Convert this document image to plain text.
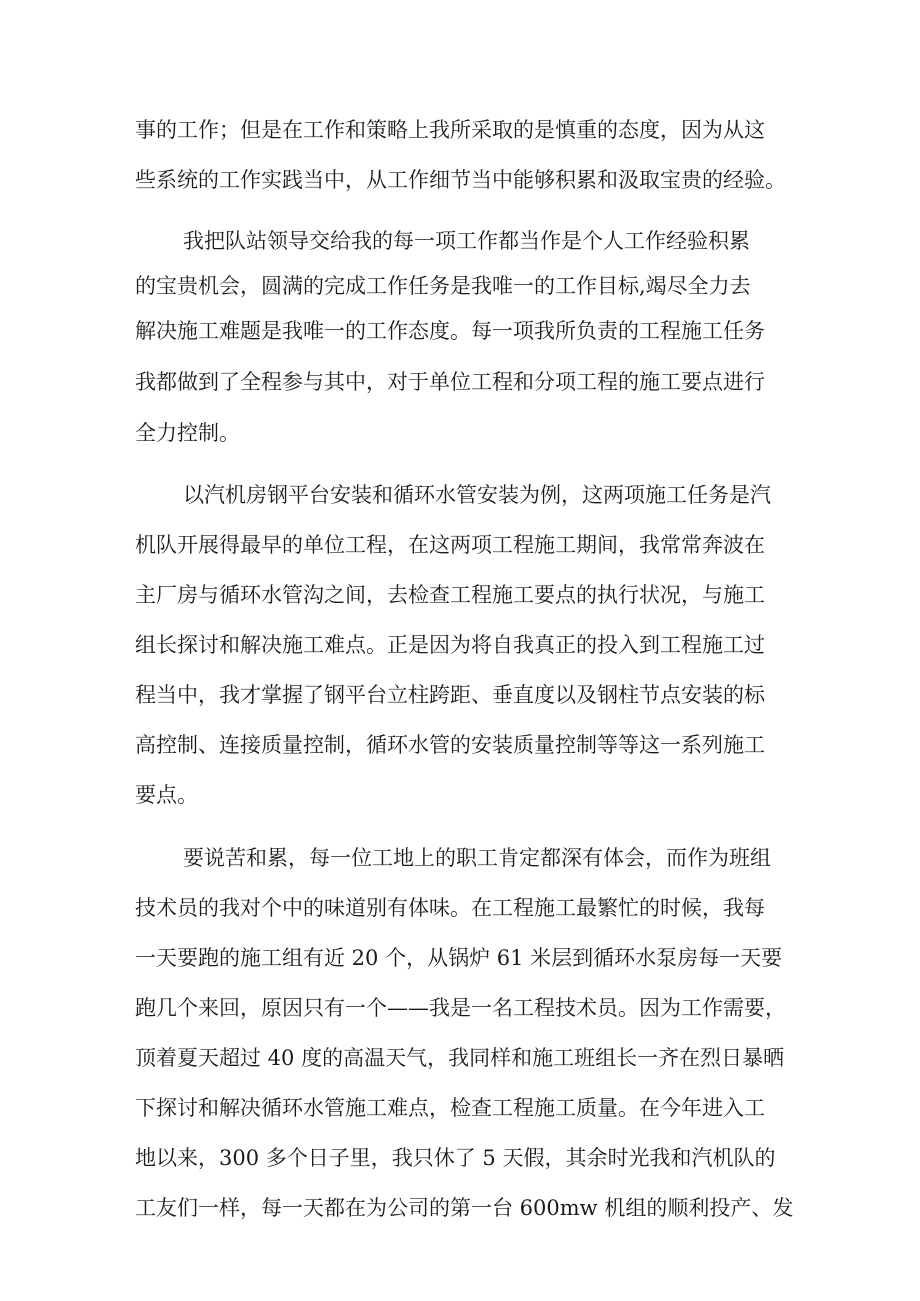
事的工作；但是在工作和策略上我所采取的是慎重的态度，因为从这
些系统的工作实践当中，从工作细节当中能够积累和汲取宝贵的经验。
我把队站领导交给我的每一项工作都当作是个人工作经验积累
的宝贵机会，圆满的完成工作任务是我唯一的工作目标,竭尽全力去
解决施工难题是我唯一的工作态度。每一项我所负责的工程施工任务
我都做到了全程参与其中，对于单位工程和分项工程的施工要点进行
全力控制。
以汽机房钢平台安装和循环水管安装为例，这两项施工任务是汽
机队开展得最早的单位工程，在这两项工程施工期间，我常常奔波在
主厂房与循环水管沟之间，去检查工程施工要点的执行状况，与施工
组长探讨和解决施工难点。正是因为将自我真正的投入到工程施工过
程当中，我才掌握了钢平台立柱跨距、垂直度以及钢柱节点安装的标
高控制、连接质量控制，循环水管的安装质量控制等等这一系列施工
要点。
要说苦和累，每一位工地上的职工肯定都深有体会，而作为班组
技术员的我对个中的味道别有体味。在工程施工最繁忙的时候，我每
一天要跑的施工组有近 20 个，从锅炉 61 米层到循环水泵房每一天要
跑几个来回，原因只有一个——我是一名工程技术员。因为工作需要，
顶着夏天超过 40 度的高温天气，我同样和施工班组长一齐在烈日暴晒
下探讨和解决循环水管施工难点，检查工程施工质量。在今年进入工
地以来，300 多个日子里，我只休了 5 天假，其余时光我和汽机队的
工友们一样，每一天都在为公司的第一台 600mw 机组的顺利投产、发
